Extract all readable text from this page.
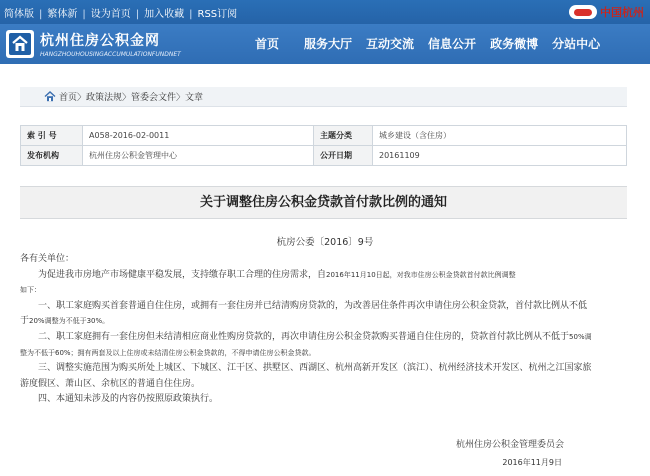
简体版 | 繁体新 | 设为首页 | 加入收藏 | RSS订阅	中国杭州
杭州住房公积金网
HANGZHOUHOUSINGACCUMULATIONFUNDNET
首页	服务大厅	互动交流	信息公开	政务微博	分站中心
首页〉政策法规〉管委会文件〉文章
索 引 号	A058-2016-02-0011	主题分类	城乡建设（含住房）
发布机构	杭州住房公积金管理中心	公开日期	20161109
关于调整住房公积金贷款首付款比例的通知
杭房公委〔2016〕9号

各有关单位：

为促进我市房地产市场健康平稳发展，支持缴存职工合理的住房需求，自2016年11月10日起，对我市住房公积金贷款首付款比例调整
如下：

一、职工家庭购买首套普通自住住房，或拥有一套住房并已结清购房贷款的，为改善居住条件再次申请住房公积金贷款，首付款比例从不低于20%调整为不低于30%。

二、职工家庭拥有一套住房但未结清相应商业性购房贷款的，再次申请住房公积金贷款购买普通自住住房的，贷款首付款比例从不低于50%调整为不低于60%；拥有两套及以上住房或未结清住房公积金贷款的，不得申请住房公积金贷款。

三、调整实施范围为购买所处上城区、下城区、江干区、拱墅区、西湖区、杭州高新开发区（滨江）、杭州经济技术开发区、杭州之江国家旅游度假区、萧山区、余杭区的普通自住住房。

四、本通知未涉及的内容仍按照原政策执行。

杭州住房公积金管理委员会
2016年11月9日
